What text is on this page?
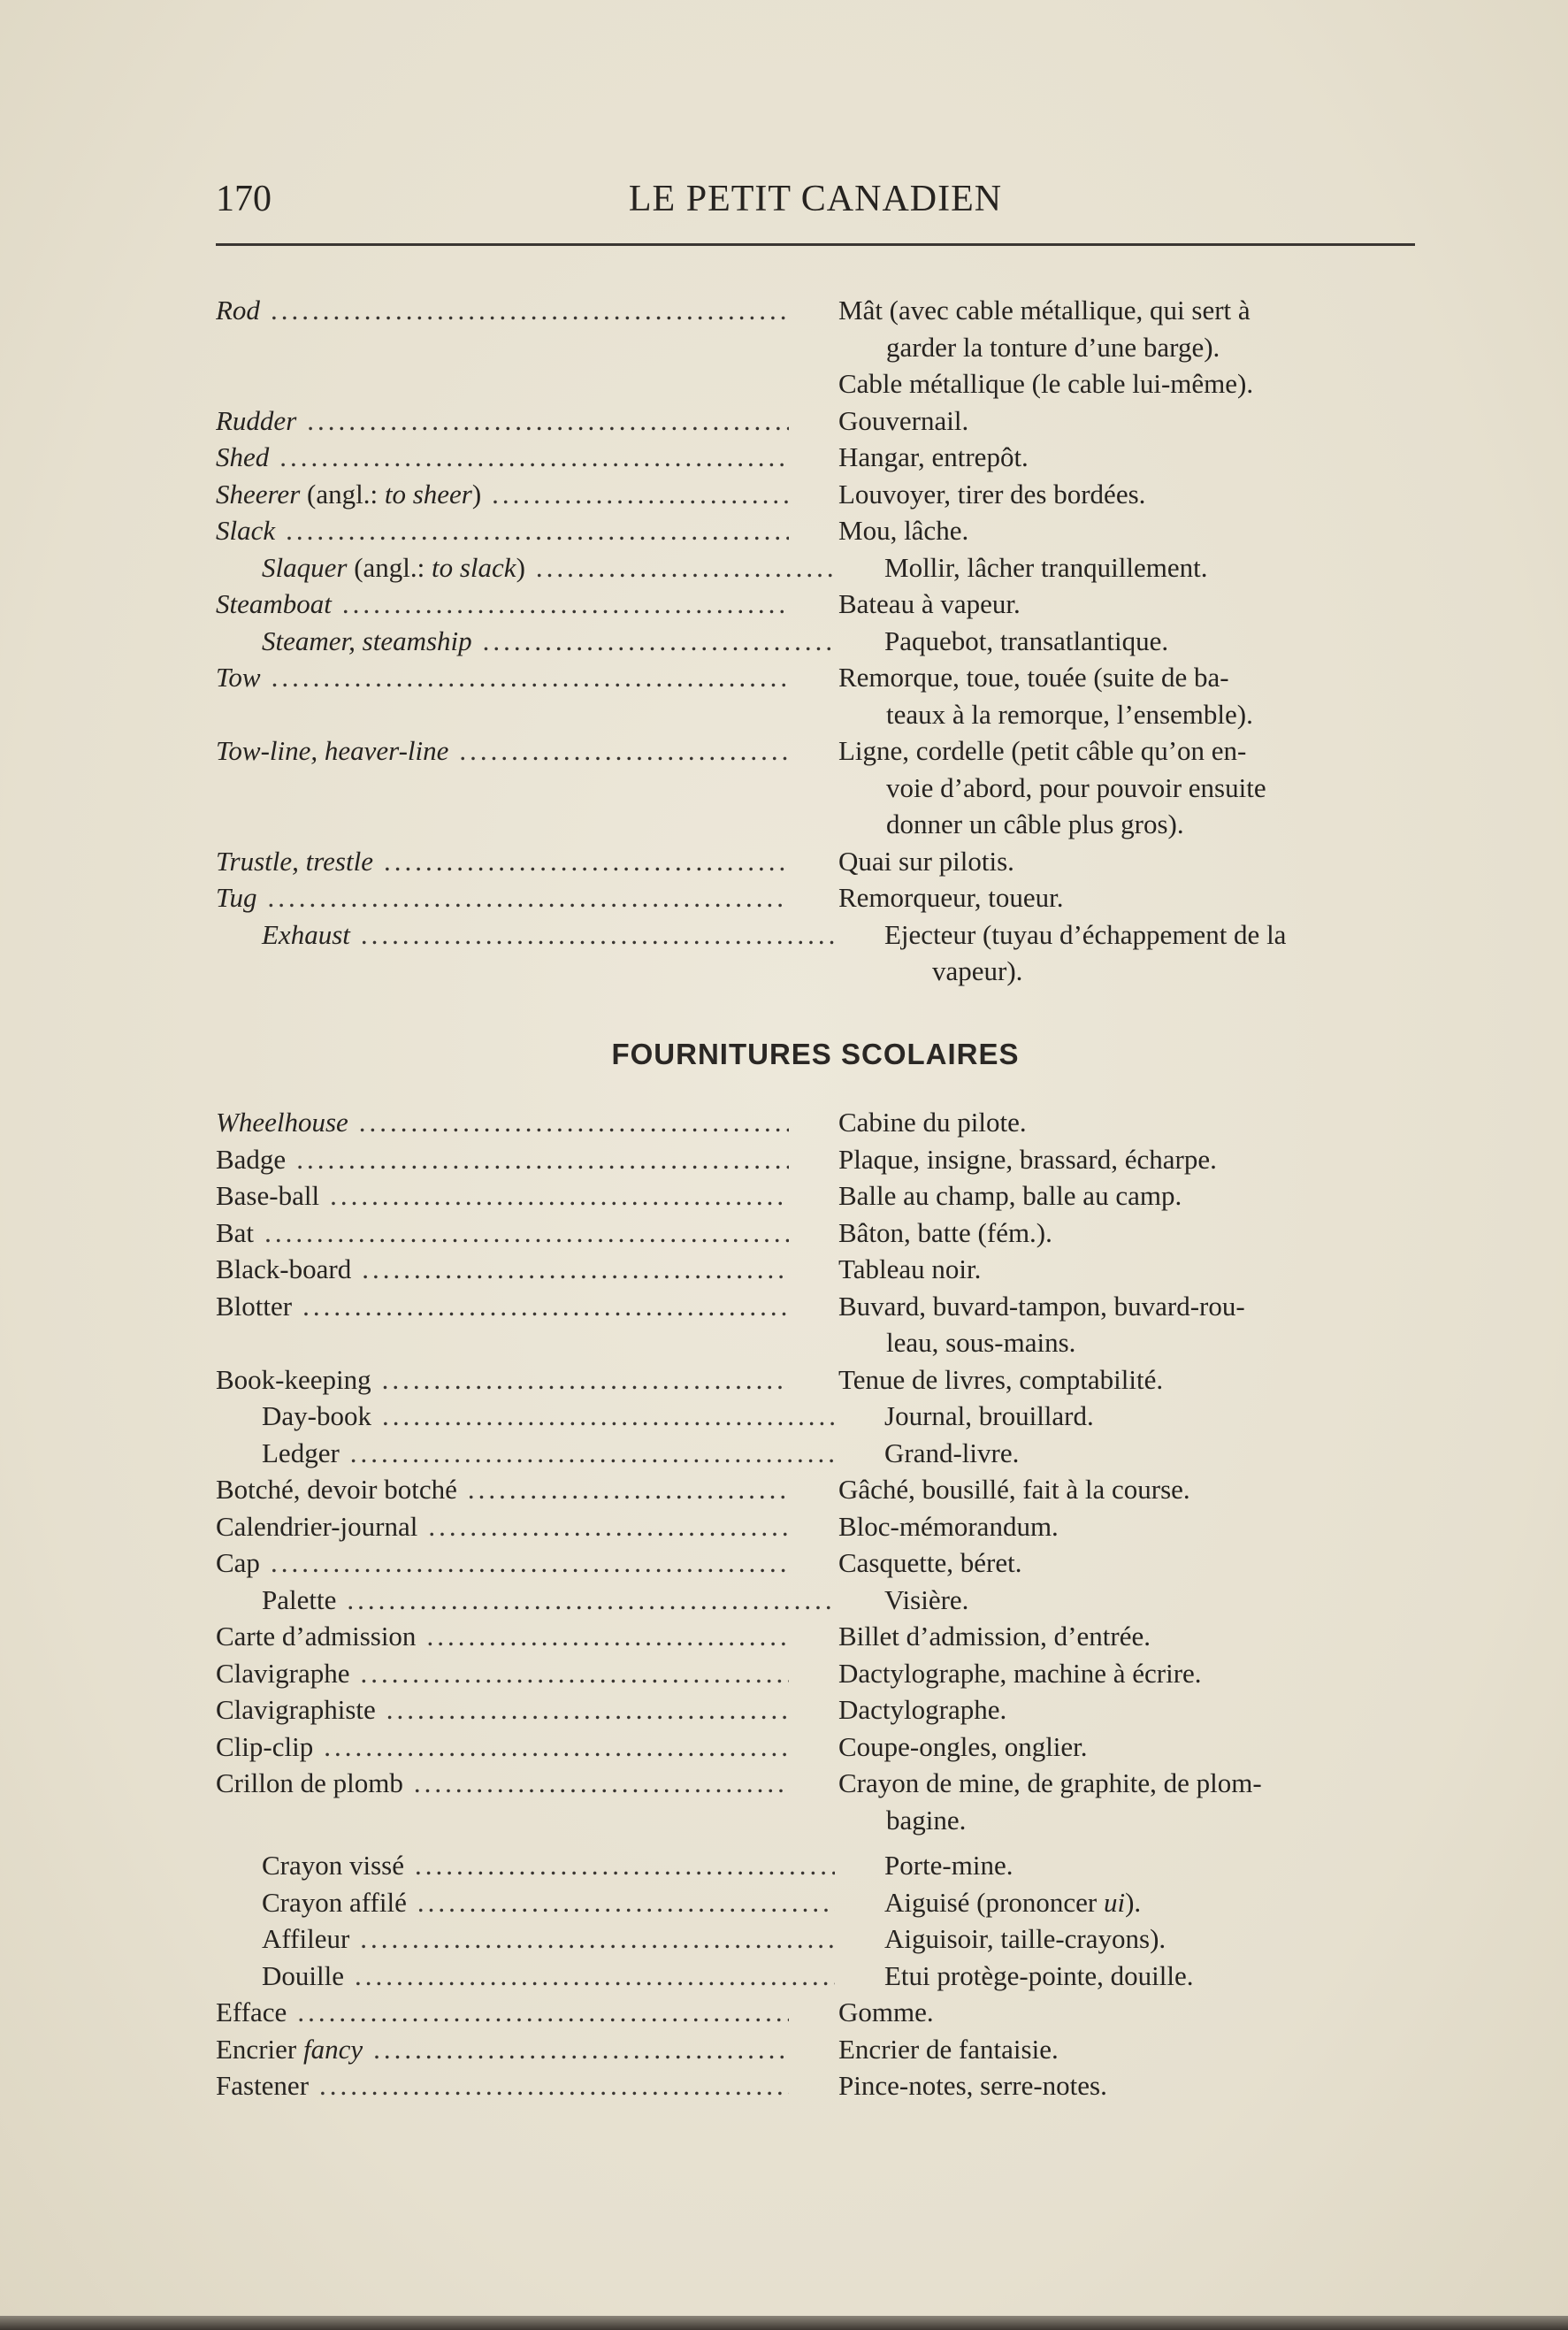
170	LE PETIT CANADIEN
Rod .....	Mât (avec cable métallique, qui sert à
garder la tonture d’une barge).
Cable métallique (le cable lui-même).
Rudder .....	Gouvernail.
Shed .....	Hangar, entrepôt.
Sheerer (angl.: to sheer) .....	Louvoyer, tirer des bordées.
Slack .....	Mou, lâche.
Slaquer (angl.: to slack) .....	Mollir, lâcher tranquillement.
Steamboat .....	Bateau à vapeur.
Steamer, steamship .....	Paquebot, transatlantique.
Tow .....	Remorque, toue, touée (suite de ba-
teaux à la remorque, l’ensemble).
Tow-line, heaver-line .....	Ligne, cordelle (petit câble qu’on en-
voie d’abord, pour pouvoir ensuite
donner un câble plus gros).
Trustle, trestle .....	Quai sur pilotis.
Tug .....	Remorqueur, toueur.
Exhaust .....	Ejecteur (tuyau d’échappement de la
vapeur).
FOURNITURES SCOLAIRES
Wheelhouse .....	Cabine du pilote.
Badge .....	Plaque, insigne, brassard, écharpe.
Base-ball .....	Balle au champ, balle au camp.
Bat .....	Bâton, batte (fém.).
Black-board .....	Tableau noir.
Blotter .....	Buvard, buvard-tampon, buvard-rou-
leau, sous-mains.
Book-keeping .....	Tenue de livres, comptabilité.
Day-book .....	Journal, brouillard.
Ledger .....	Grand-livre.
Botché, devoir botché .....	Gâché, bousillé, fait à la course.
Calendrier-journal .....	Bloc-mémorandum.
Cap .....	Casquette, béret.
Palette .....	Visière.
Carte d’admission .....	Billet d’admission, d’entrée.
Clavigraphe .....	Dactylographe, machine à écrire.
Clavigraphiste .....	Dactylographe.
Clip-clip .....	Coupe-ongles, onglier.
Crillon de plomb .....	Crayon de mine, de graphite, de plom-
bagine.
Crayon vissé .....	Porte-mine.
Crayon affilé .....	Aiguisé (prononcer ui).
Affileur .....	Aiguisoir, taille-crayons).
Douille .....	Etui protège-pointe, douille.
Efface .....	Gomme.
Encrier fancy .....	Encrier de fantaisie.
Fastener .....	Pince-notes, serre-notes.
